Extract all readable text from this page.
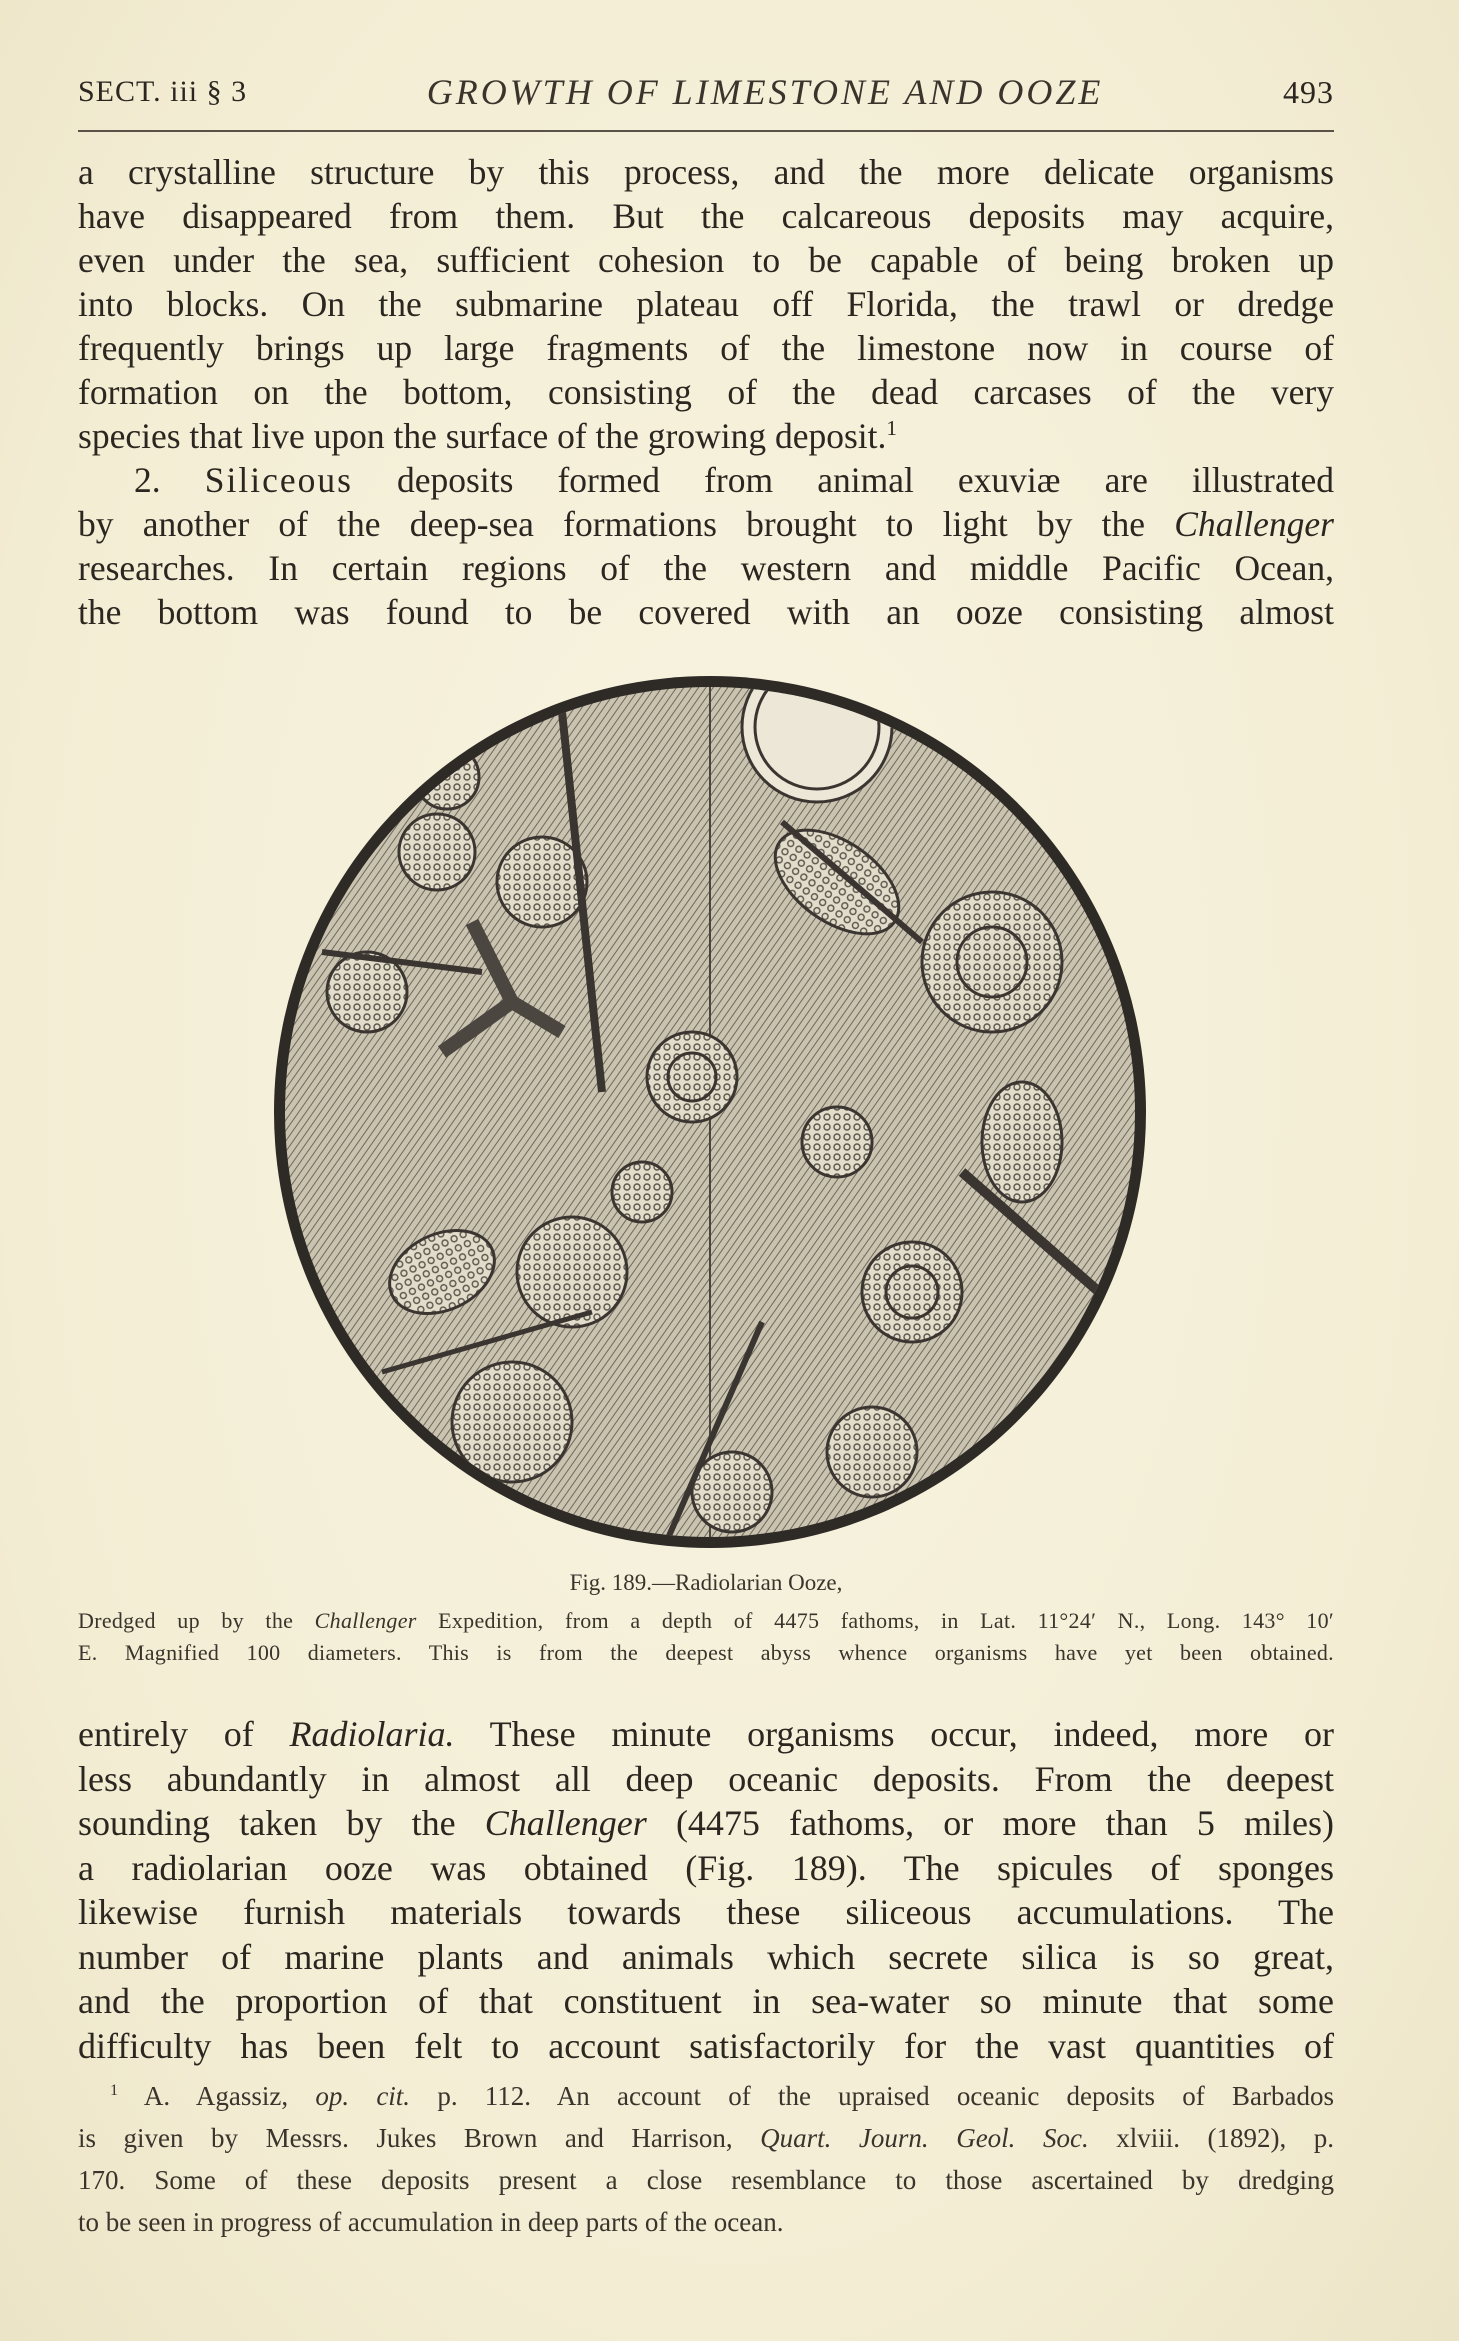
SECT. iii § 3	GROWTH OF LIMESTONE AND OOZE	493
a crystalline structure by this process, and the more delicate organisms
have disappeared from them. But the calcareous deposits may acquire,
even under the sea, sufficient cohesion to be capable of being broken up
into blocks. On the submarine plateau off Florida, the trawl or dredge
frequently brings up large fragments of the limestone now in course of
formation on the bottom, consisting of the dead carcases of the very
species that live upon the surface of the growing deposit.$^1$
2. Siliceous deposits formed from animal exuviæ are illustrated
by another of the deep-sea formations brought to light by the Challenger
researches. In certain regions of the western and middle Pacific Ocean,
the bottom was found to be covered with an ooze consisting almost
Fig. 189.—Radiolarian Ooze,
Dredged up by the Challenger Expedition, from a depth of 4475 fathoms, in Lat. 11°24′ N., Long. 143° 10′
E. Magnified 100 diameters. This is from the deepest abyss whence organisms have yet been obtained.
entirely of Radiolaria. These minute organisms occur, indeed, more or
less abundantly in almost all deep oceanic deposits. From the deepest
sounding taken by the Challenger (4475 fathoms, or more than 5 miles)
a radiolarian ooze was obtained (Fig. 189). The spicules of sponges
likewise furnish materials towards these siliceous accumulations. The
number of marine plants and animals which secrete silica is so great,
and the proportion of that constituent in sea-water so minute that some
difficulty has been felt to account satisfactorily for the vast quantities of
$^1$ A. Agassiz, op. cit. p. 112. An account of the upraised oceanic deposits of Barbados
is given by Messrs. Jukes Brown and Harrison, Quart. Journ. Geol. Soc. xlviii. (1892), p.
170. Some of these deposits present a close resemblance to those ascertained by dredging
to be seen in progress of accumulation in deep parts of the ocean.
